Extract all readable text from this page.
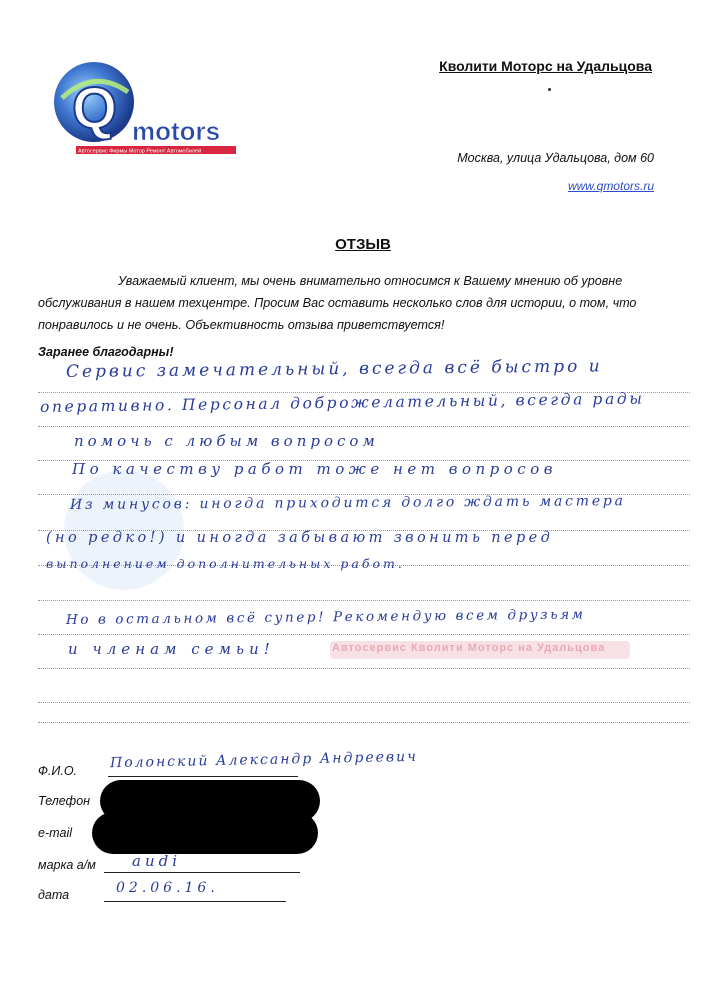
Q motors
Автосервис Фирмы Мотор Ремонт Автомобилей
Кволити Моторс на Удальцова
Москва, улица Удальцова, дом 60
www.qmotors.ru
ОТЗЫВ
Уважаемый клиент, мы очень внимательно относимся к Вашему мнению об уровне обслуживания в нашем техцентре. Просим Вас оставить несколько слов для истории, о том, что понравилось и не очень. Объективность отзыва приветствуется!
Заранее благодарны!
Автосервис Кволити Моторс на Удальцова
Сервис замечательный, всегда всё быстро и
оперативно. Персонал доброжелательный, всегда рады
помочь с любым вопросом
По качеству работ тоже нет вопросов
Из минусов: иногда приходится долго ждать мастера
(но редко!) и иногда забывают звонить перед
выполнением дополнительных работ.
Но в остальном всё супер! Рекомендую всем друзьям
и членам семьи!
Ф.И.О. Полонский Александр Андреевич
Телефон
e-mail
марка а/м audi
дата	02.06.16.
